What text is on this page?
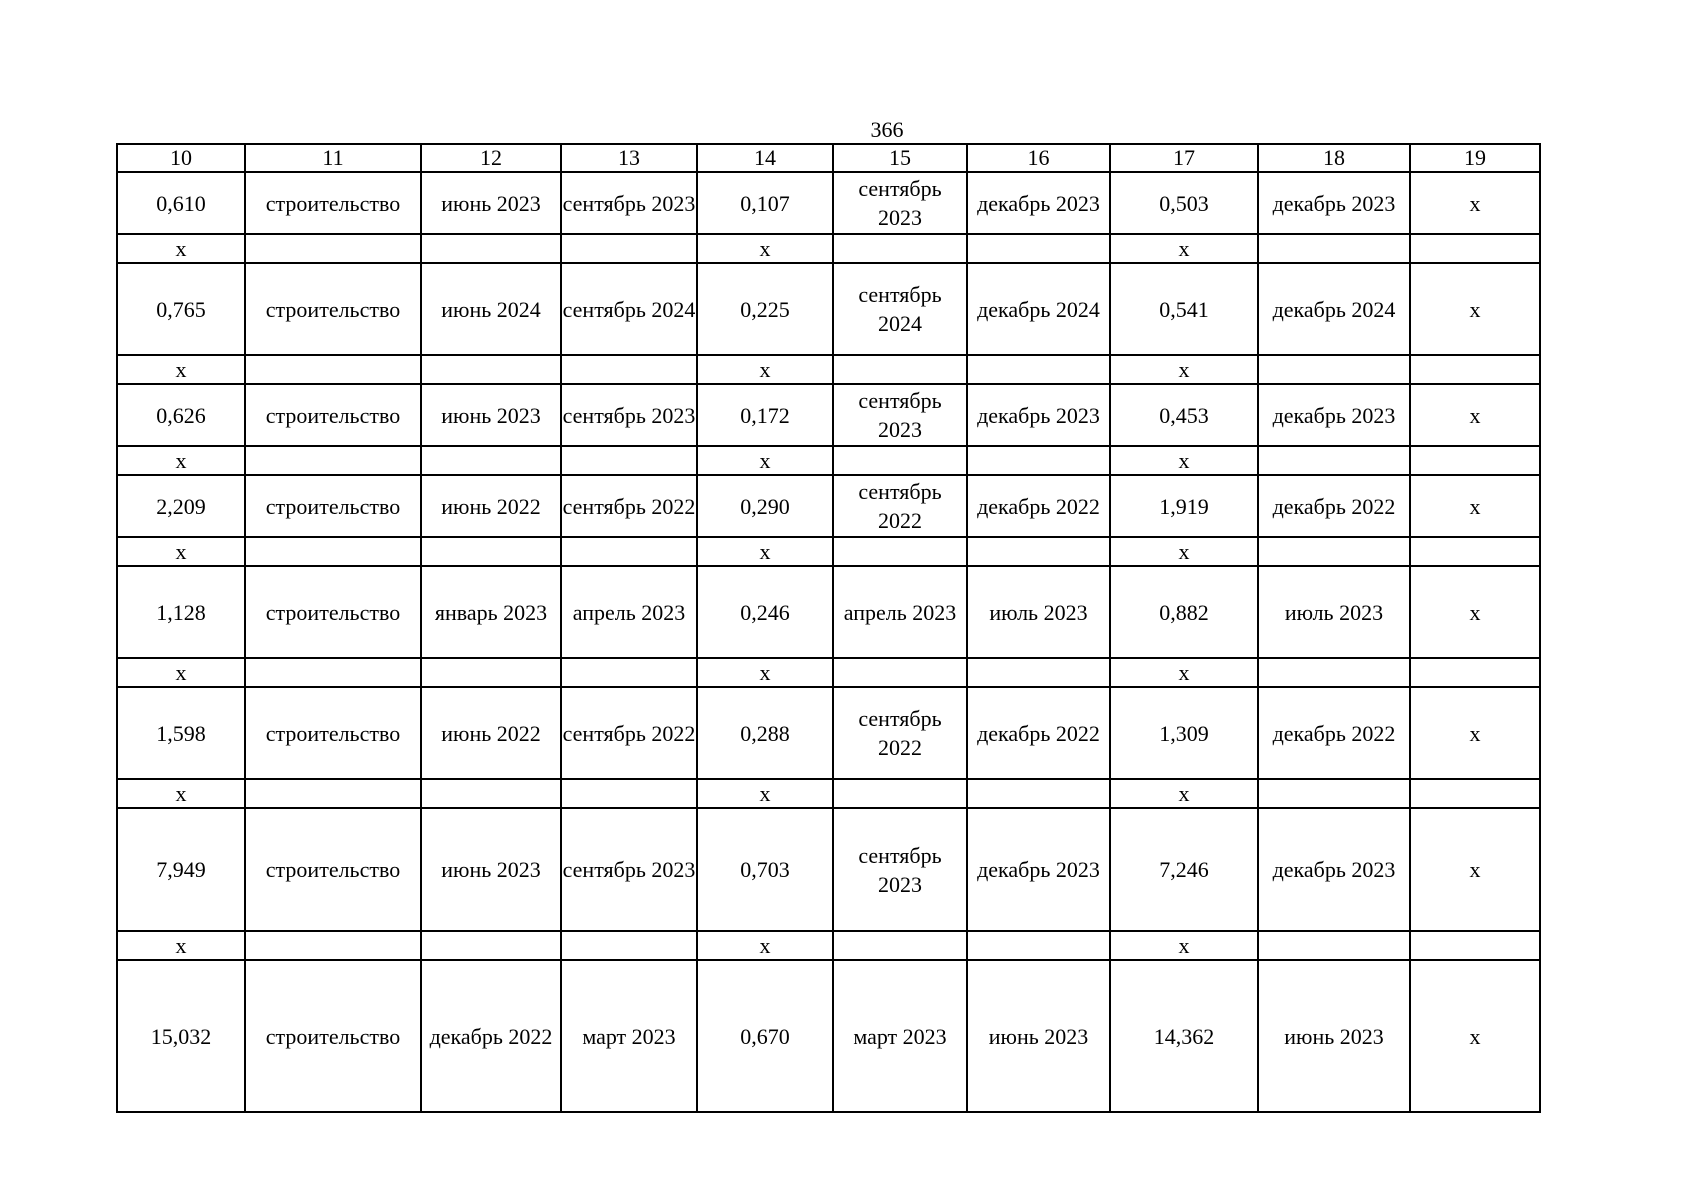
366
10	11	12	13	14	15	16	17	18	19
0,610	строительство	июнь 2023	сентябрь 2023	0,107	сентябрь 2023	декабрь 2023	0,503	декабрь 2023	х
х				х			х		
0,765	строительство	июнь 2024	сентябрь 2024	0,225	сентябрь 2024	декабрь 2024	0,541	декабрь 2024	х
х				х			х		
0,626	строительство	июнь 2023	сентябрь 2023	0,172	сентябрь 2023	декабрь 2023	0,453	декабрь 2023	х
х				х			х		
2,209	строительство	июнь 2022	сентябрь 2022	0,290	сентябрь 2022	декабрь 2022	1,919	декабрь 2022	х
х				х			х		
1,128	строительство	январь 2023	апрель 2023	0,246	апрель 2023	июль 2023	0,882	июль 2023	х
х				х			х		
1,598	строительство	июнь 2022	сентябрь 2022	0,288	сентябрь 2022	декабрь 2022	1,309	декабрь 2022	х
х				х			х		
7,949	строительство	июнь 2023	сентябрь 2023	0,703	сентябрь 2023	декабрь 2023	7,246	декабрь 2023	х
х				х			х		
15,032	строительство	декабрь 2022	март 2023	0,670	март 2023	июнь 2023	14,362	июнь 2023	х
